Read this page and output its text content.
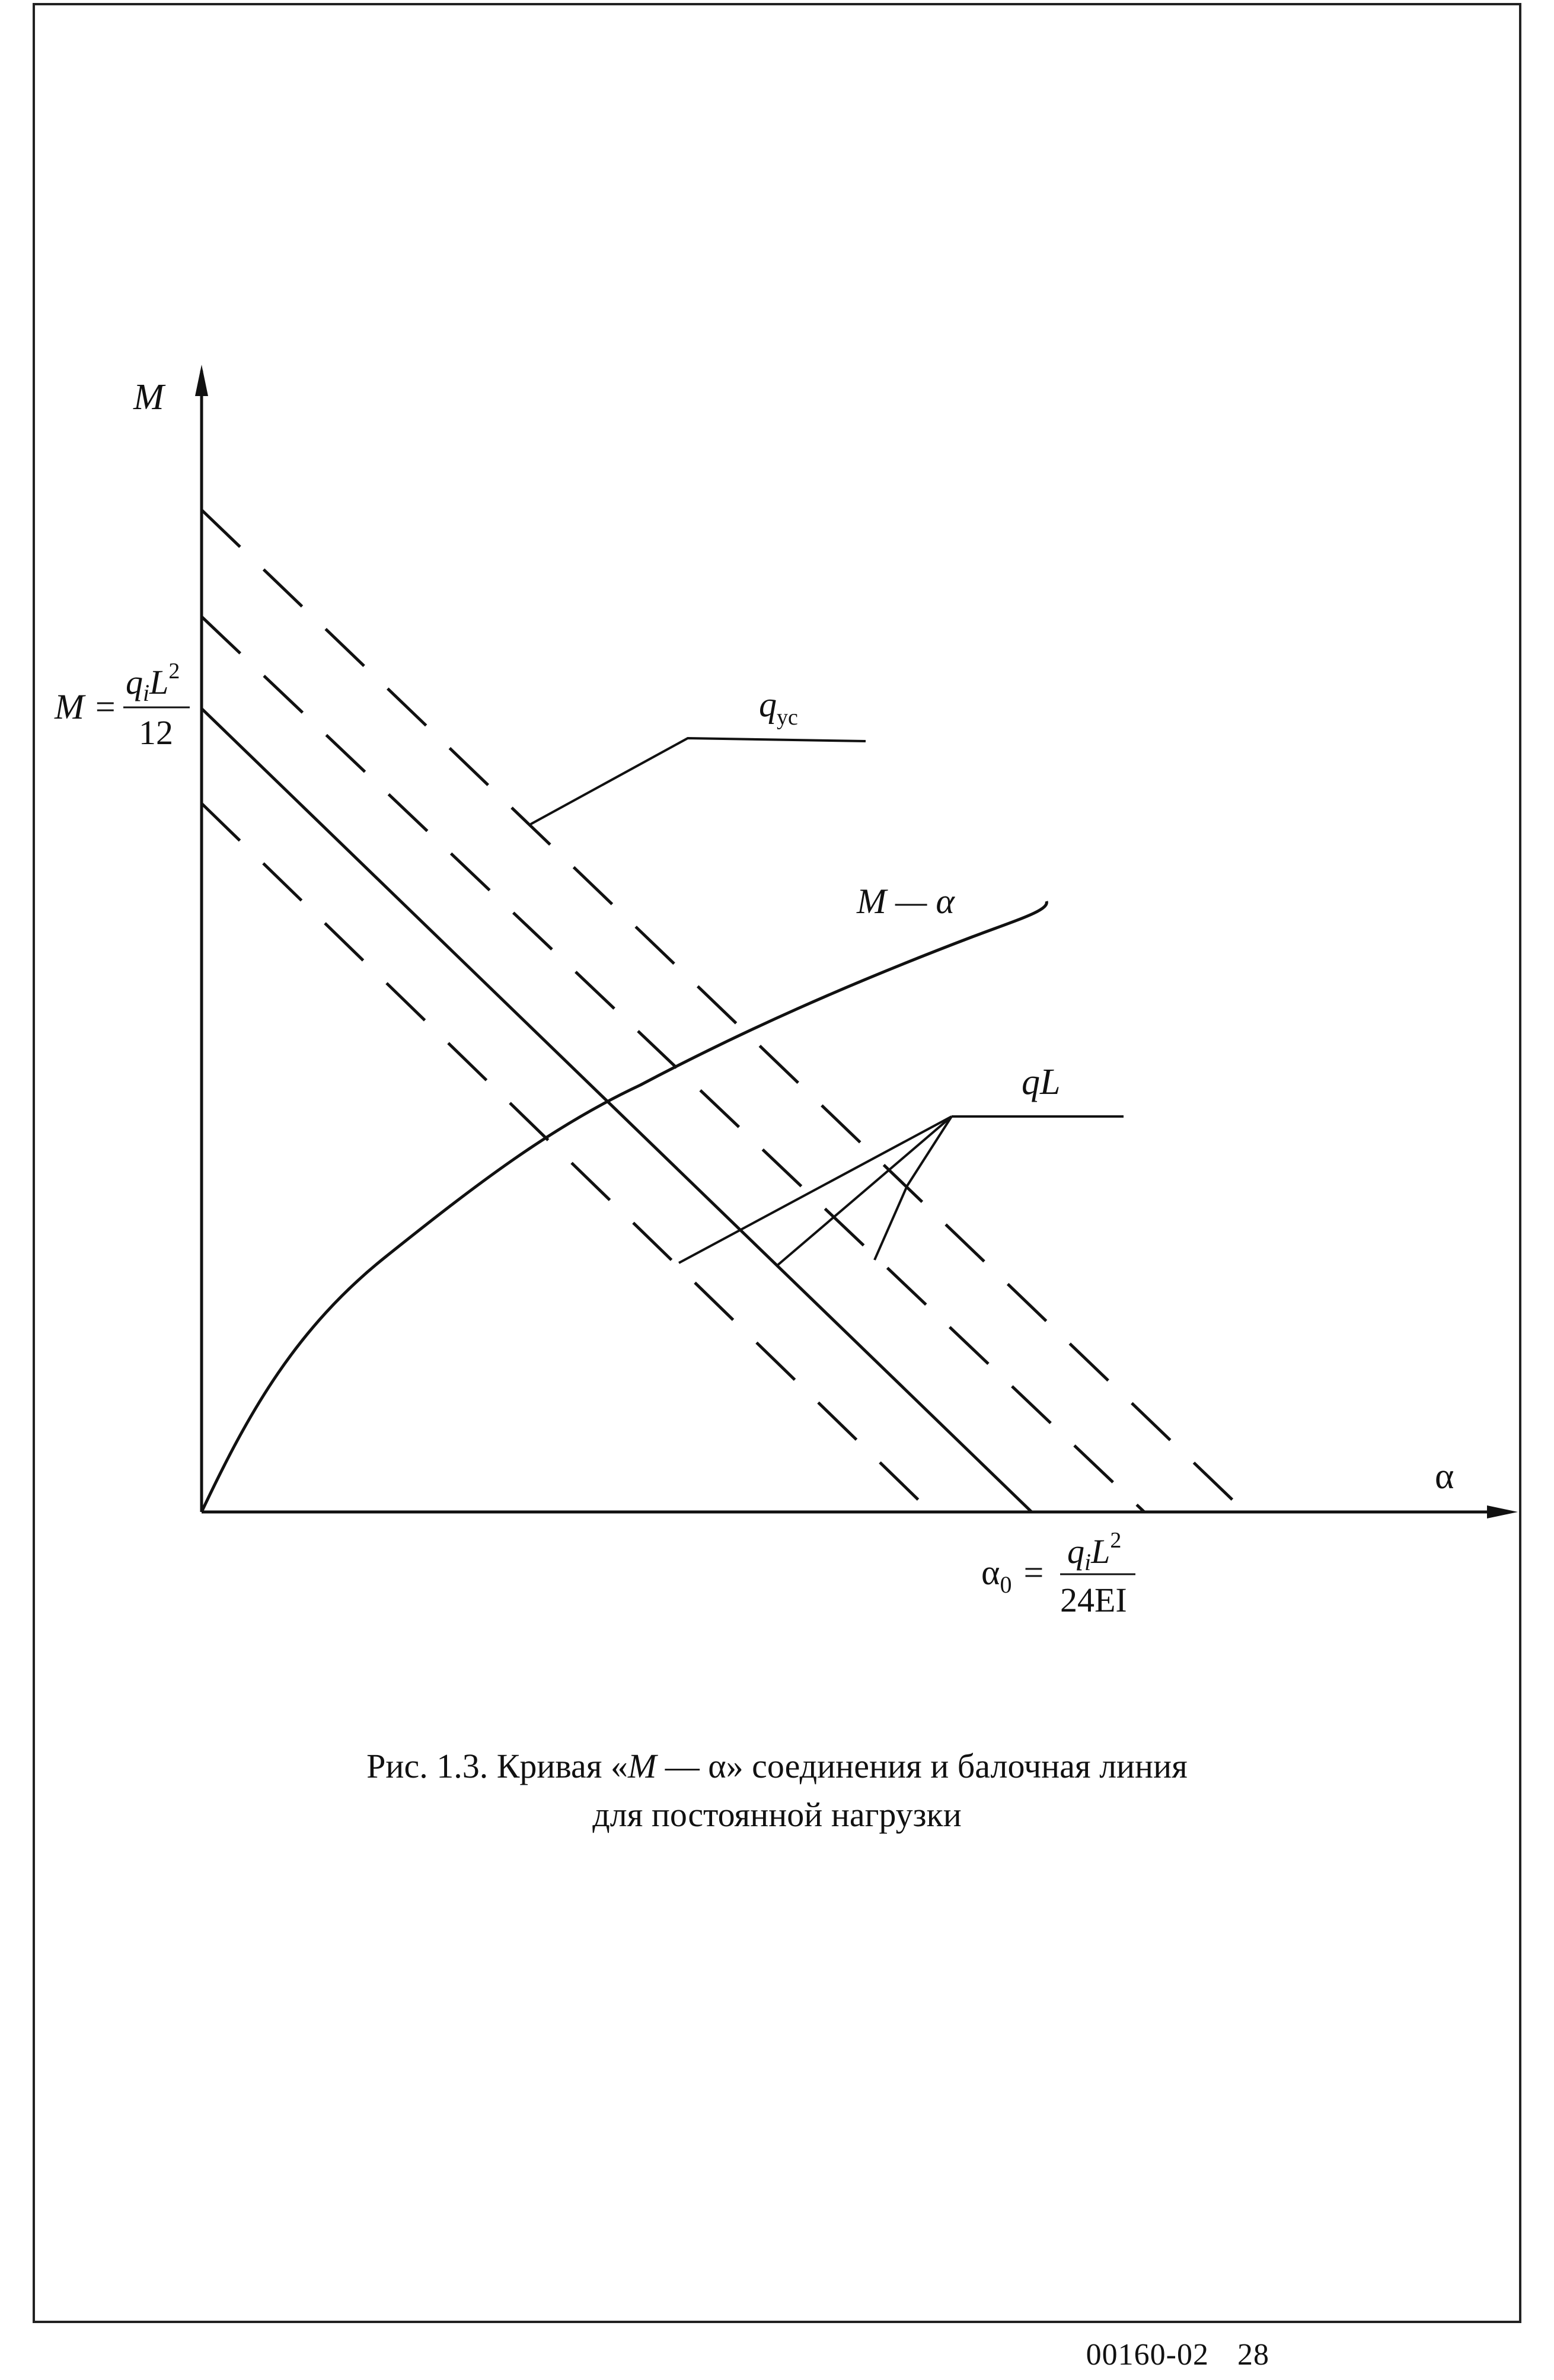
M
M =
$q_iL^2$
12
$q_{ус}$
M — α
qL
α
$\alpha_0$ =
$q_iL^2$
24EI
Рис. 1.3. Кривая «M — α» соединения и балочная линия
для постоянной нагрузки
00160-02 28
